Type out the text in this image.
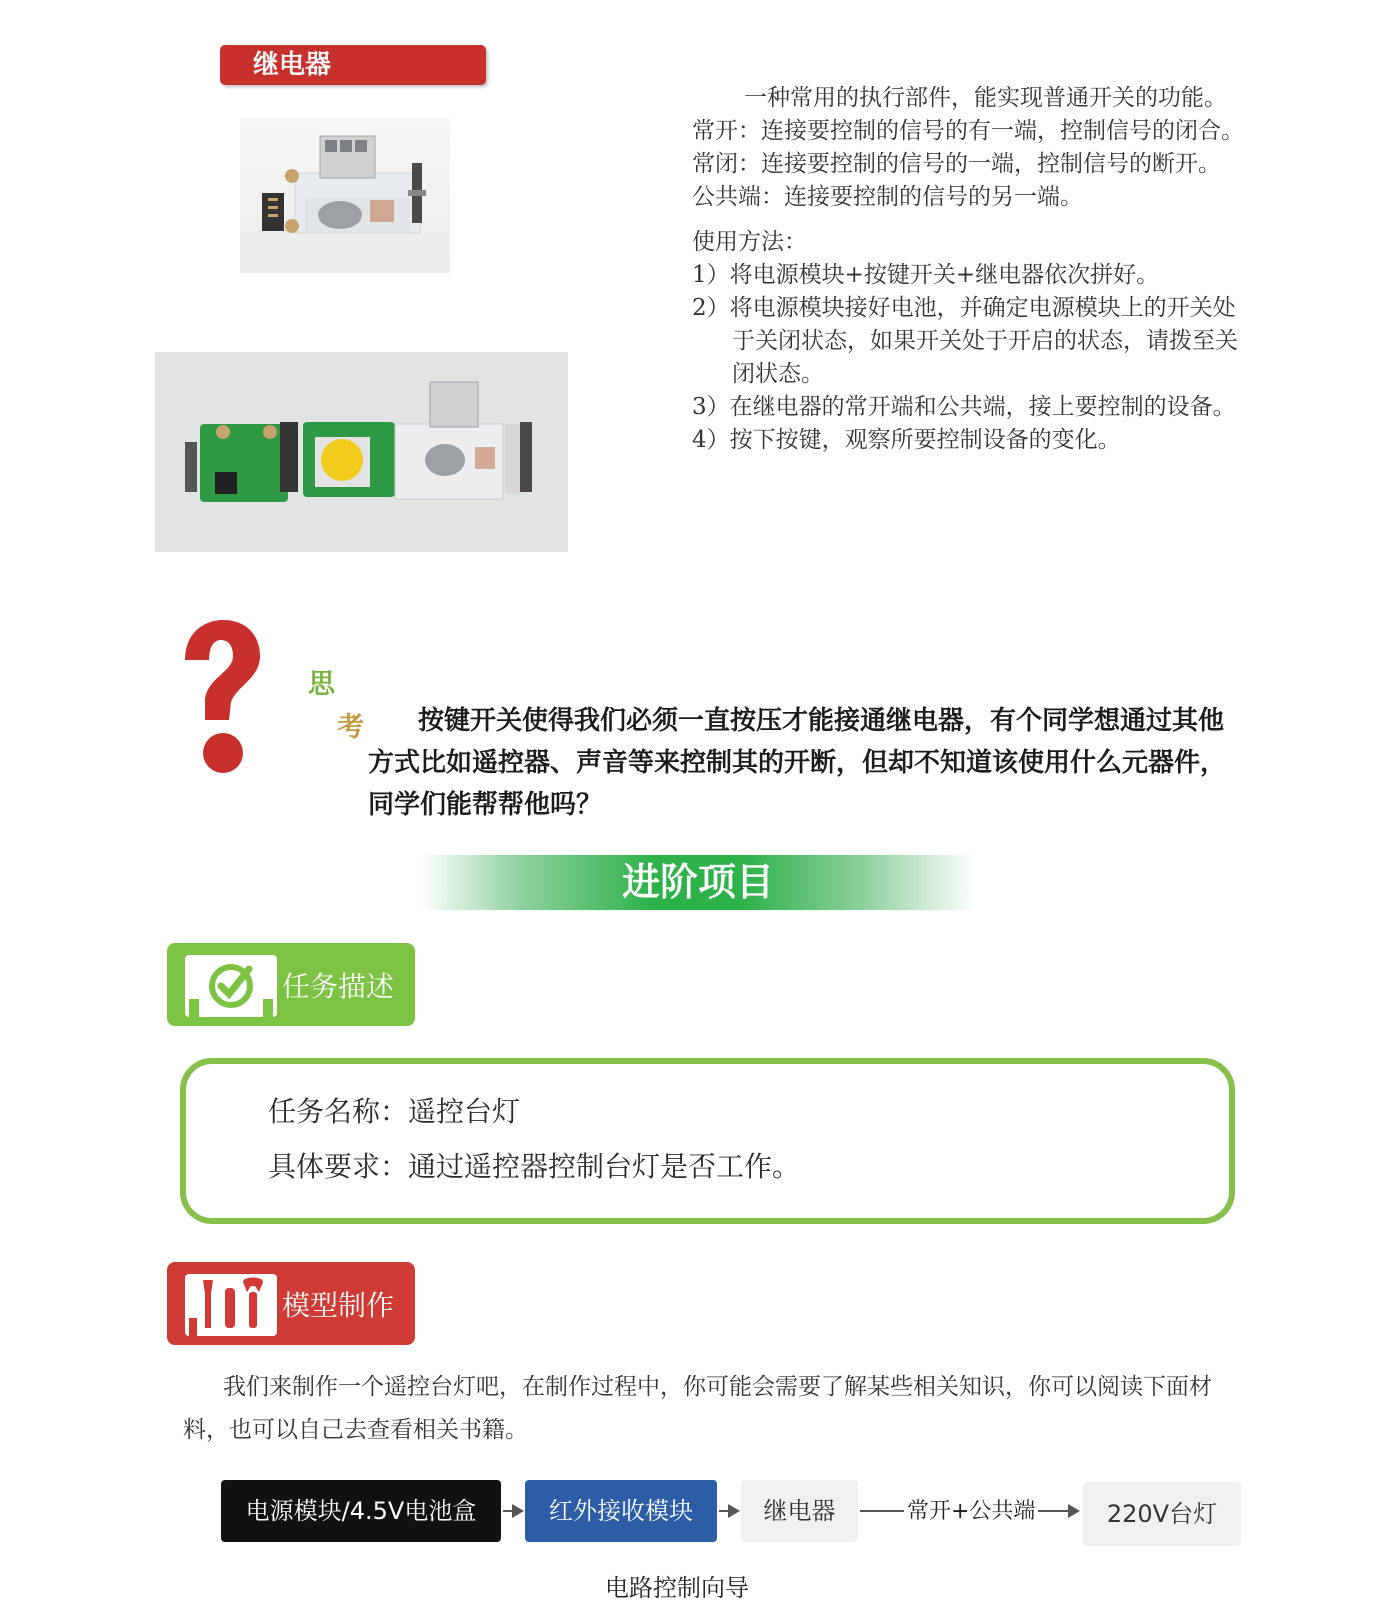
继电器

一种常用的执行部件，能实现普通开关的功能。

常开：连接要控制的信号的有一端，控制信号的闭合。

常闭：连接要控制的信号的一端，控制信号的断开。

公共端：连接要控制的信号的另一端。

使用方法：

1）将电源模块+按键开关+继电器依次拼好。

2）将电源模块接好电池，并确定电源模块上的开关处于关闭状态，如果开关处于开启的状态，请拨至关闭状态。

3）在继电器的常开端和公共端，接上要控制的设备。

4）按下按键，观察所要控制设备的变化。

思
考	按键开关使得我们必须一直按压才能接通继电器，有个同学想通过其他方式比如遥控器、声音等来控制其的开断，但却不知道该使用什么元器件，同学们能帮帮他吗？
进阶项目
任务描述
任务名称：遥控台灯
具体要求：通过遥控器控制台灯是否工作。
模型制作
我们来制作一个遥控台灯吧，在制作过程中，你可能会需要了解某些相关知识，你可以阅读下面材料，也可以自己去查看相关书籍。
电源模块/4.5V电池盒	红外接收模块	继电器	220V台灯
常开+公共端
电路控制向导
